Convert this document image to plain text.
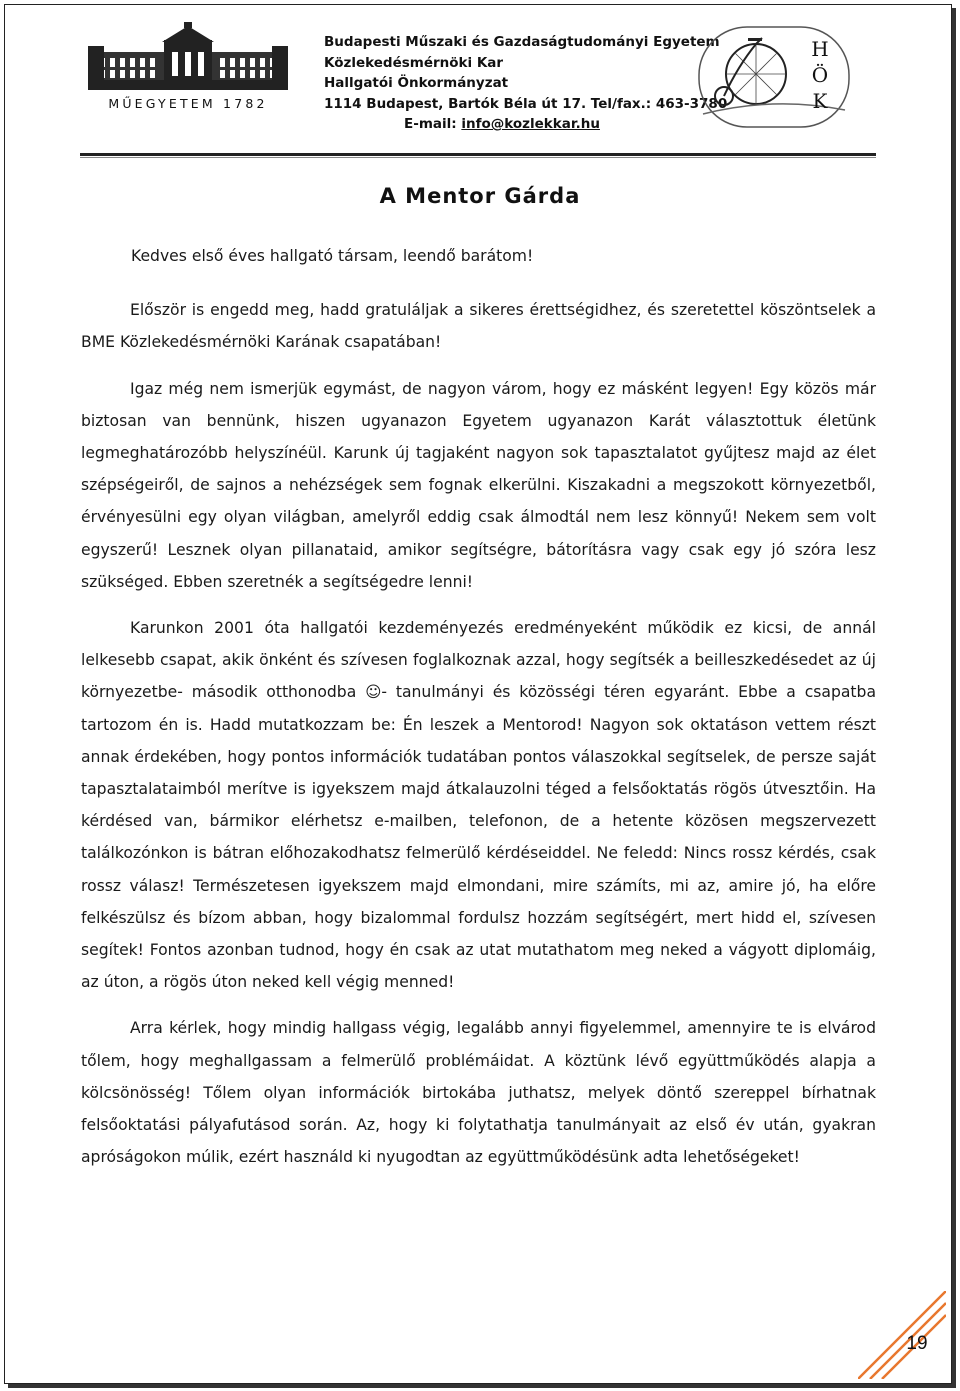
MŰEGYETEM 1782
Budapesti Műszaki és Gazdaságtudományi Egyetem
Közlekedésmérnöki Kar
Hallgatói Önkormányzat
1114 Budapest, Bartók Béla út 17. Tel/fax.: 463-3780
E-mail: info@kozlekkar.hu
H
Ö
K
A Mentor Gárda

Kedves első éves hallgató társam, leendő barátom!

Először is engedd meg, hadd gratuláljak a sikeres érettségidhez, és szeretettel köszöntselek a BME Közlekedésmérnöki Karának csapatában!

Igaz még nem ismerjük egymást, de nagyon várom, hogy ez másként legyen! Egy közös már biztosan van bennünk, hiszen ugyanazon Egyetem ugyanazon Karát választottuk életünk legmeghatározóbb helyszínéül. Karunk új tagjaként nagyon sok tapasztalatot gyűjtesz majd az élet szépségeiről, de sajnos a nehézségek sem fognak elkerülni. Kiszakadni a megszokott környezetből, érvényesülni egy olyan világban, amelyről eddig csak álmodtál nem lesz könnyű! Nekem sem volt egyszerű! Lesznek olyan pillanataid, amikor segítségre, bátorításra vagy csak egy jó szóra lesz szükséged. Ebben szeretnék a segítségedre lenni!

Karunkon 2001 óta hallgatói kezdeményezés eredményeként működik ez kicsi, de annál lelkesebb csapat, akik önként és szívesen foglalkoznak azzal, hogy segítsék a beilleszkedésedet az új környezetbe- második otthonodba ☺- tanulmányi és közösségi téren egyaránt. Ebbe a csapatba tartozom én is. Hadd mutatkozzam be: Én leszek a Mentorod! Nagyon sok oktatáson vettem részt annak érdekében, hogy pontos információk tudatában pontos válaszokkal segítselek, de persze saját tapasztalataimból merítve is igyekszem majd átkalauzolni téged a felsőoktatás rögös útvesztőin. Ha kérdésed van, bármikor elérhetsz e-mailben, telefonon, de a hetente közösen megszervezett találkozónkon is bátran előhozakodhatsz felmerülő kérdéseiddel. Ne feledd: Nincs rossz kérdés, csak rossz válasz! Természetesen igyekszem majd elmondani, mire számíts, mi az, amire jó, ha előre felkészülsz és bízom abban, hogy bizalommal fordulsz hozzám segítségért, mert hidd el, szívesen segítek! Fontos azonban tudnod, hogy én csak az utat mutathatom meg neked a vágyott diplomáig, az úton, a rögös úton neked kell végig menned!

Arra kérlek, hogy mindig hallgass végig, legalább annyi figyelemmel, amennyire te is elvárod tőlem, hogy meghallgassam a felmerülő problémáidat. A köztünk lévő együttműködés alapja a kölcsönösség! Tőlem olyan információk birtokába juthatsz, melyek döntő szereppel bírhatnak felsőoktatási pályafutásod során. Az, hogy ki folytathatja tanulmányait az első év után, gyakran apróságokon múlik, ezért használd ki nyugodtan az együttműködésünk adta lehetőségeket!

19
